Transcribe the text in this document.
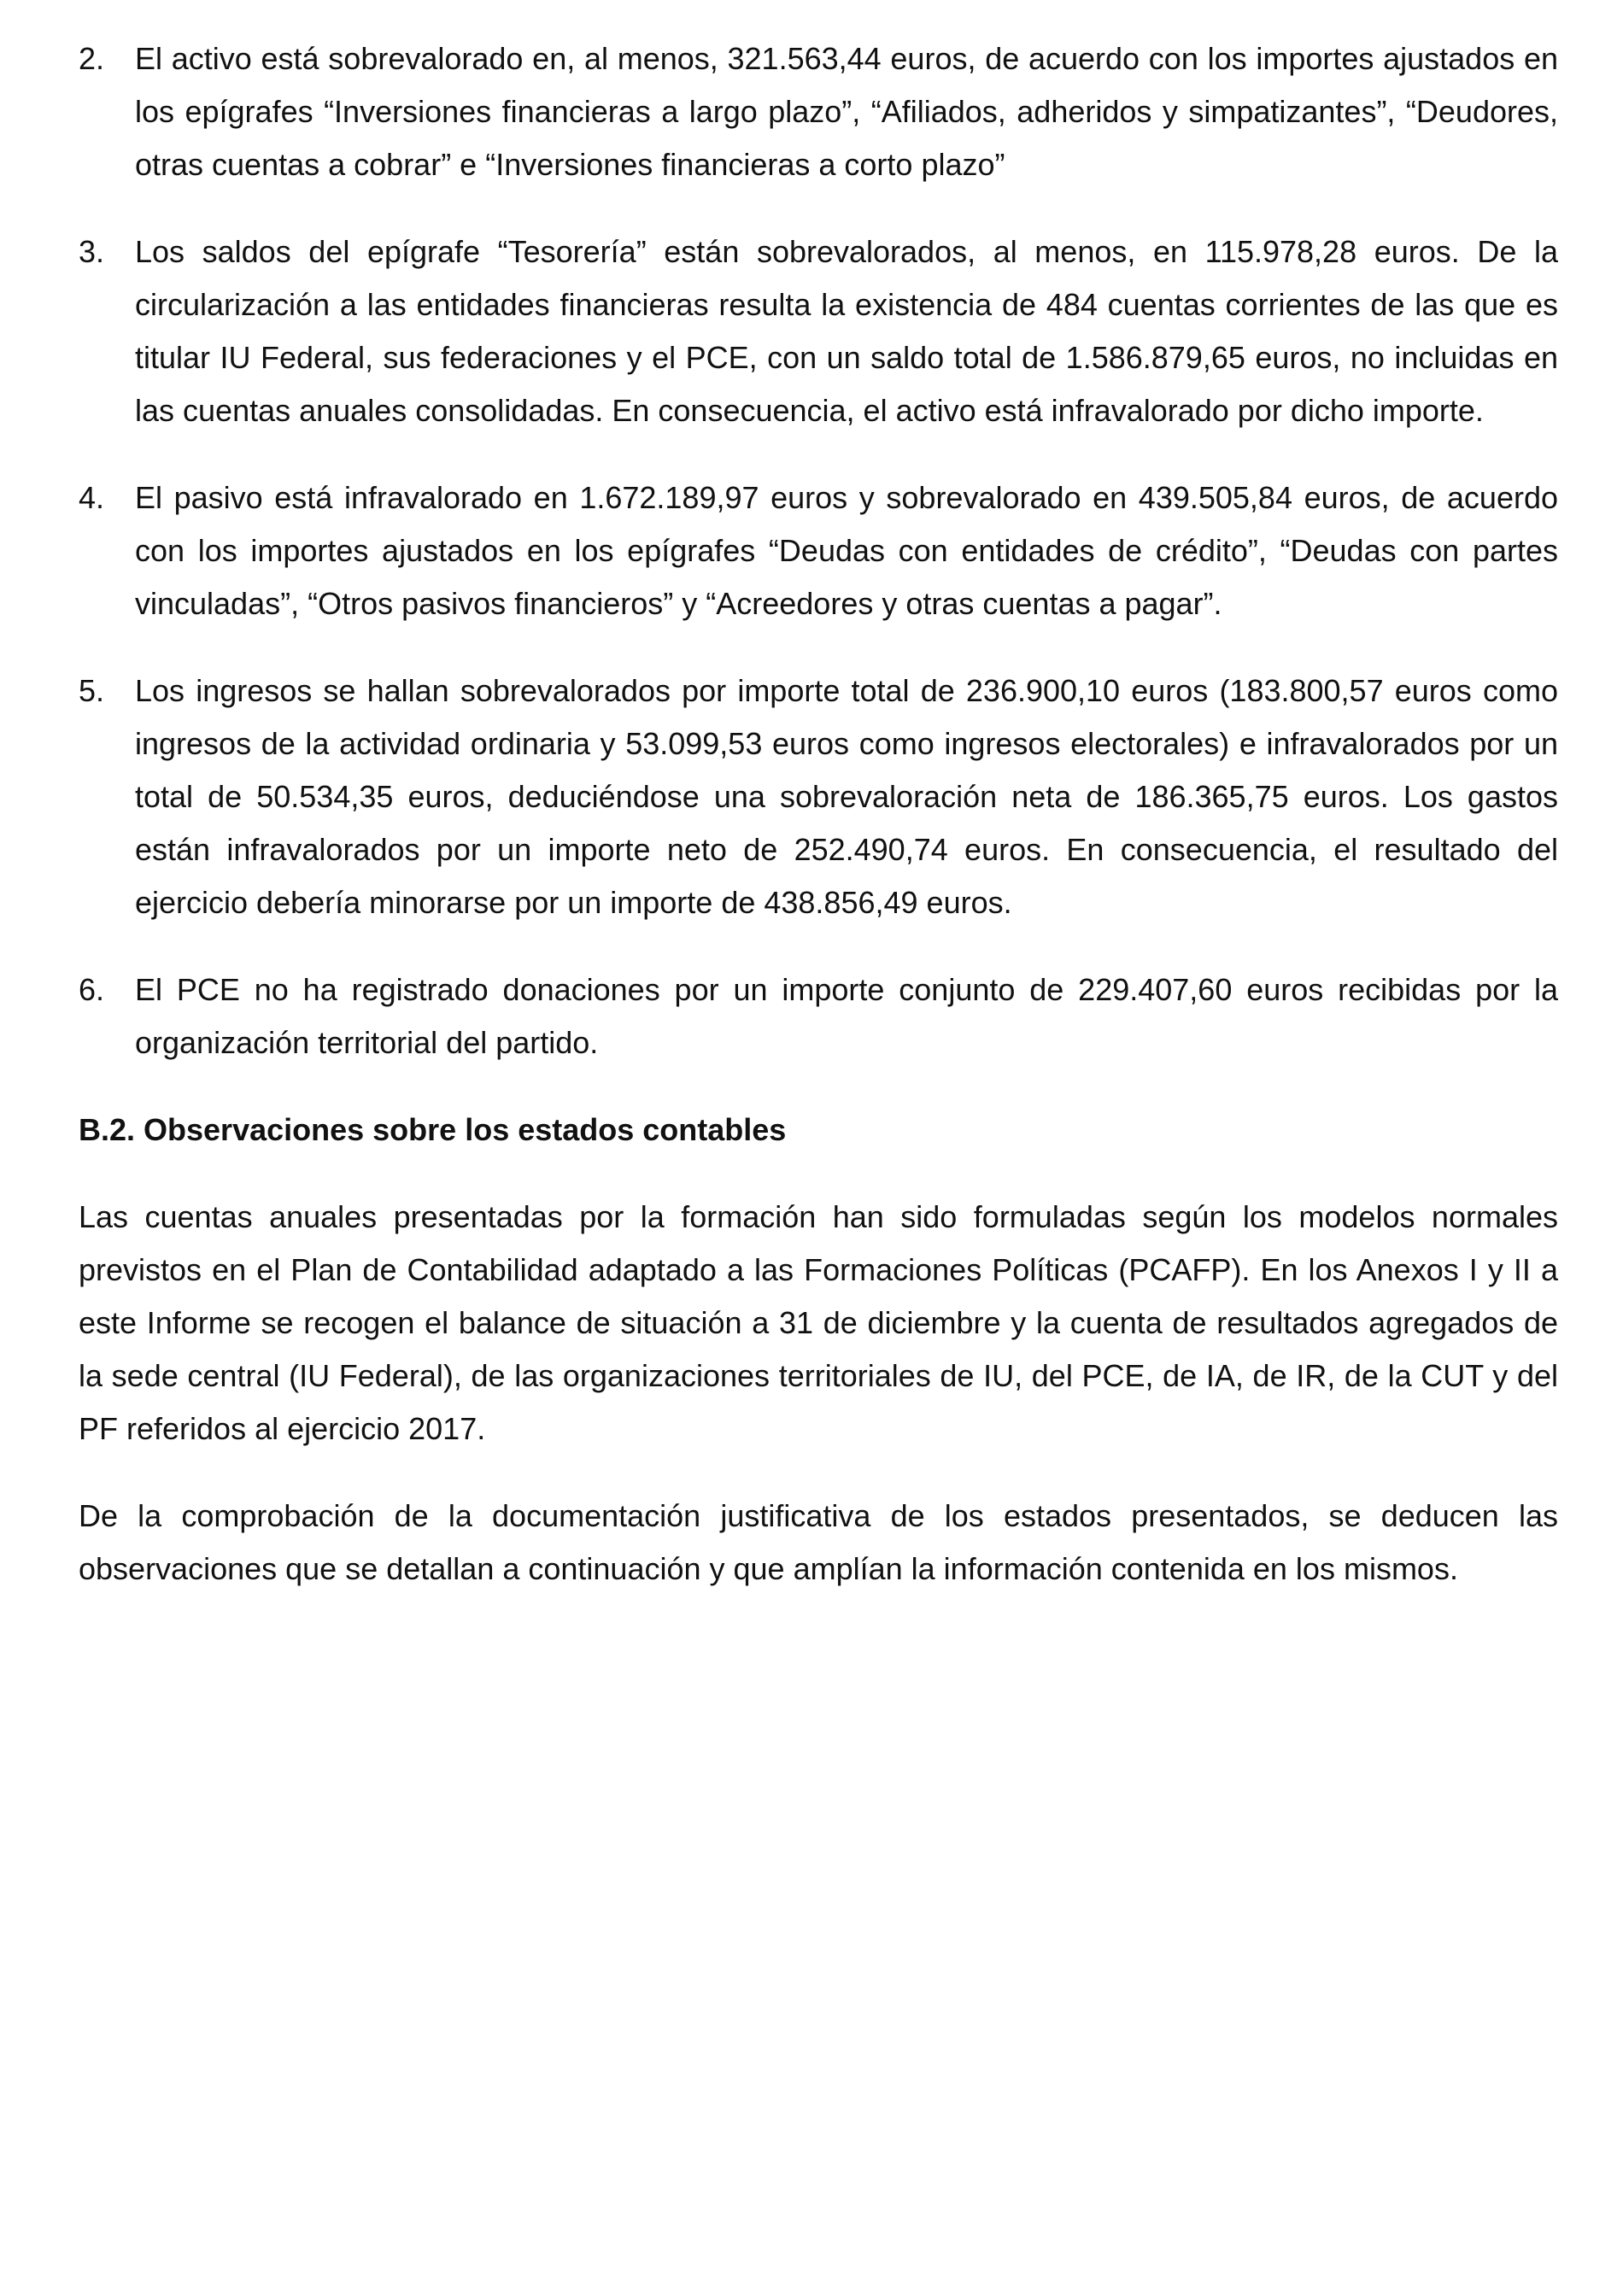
2. El activo está sobrevalorado en, al menos, 321.563,44 euros, de acuerdo con los importes ajustados en los epígrafes “Inversiones financieras a largo plazo”, “Afiliados, adheridos y simpatizantes”, “Deudores, otras cuentas a cobrar” e “Inversiones financieras a corto plazo”
3. Los saldos del epígrafe “Tesorería” están sobrevalorados, al menos, en 115.978,28 euros. De la circularización a las entidades financieras resulta la existencia de 484 cuentas corrientes de las que es titular IU Federal, sus federaciones y el PCE, con un saldo total de 1.586.879,65 euros, no incluidas en las cuentas anuales consolidadas. En consecuencia, el activo está infravalorado por dicho importe.
4. El pasivo está infravalorado en 1.672.189,97 euros y sobrevalorado en 439.505,84 euros, de acuerdo con los importes ajustados en los epígrafes “Deudas con entidades de crédito”, “Deudas con partes vinculadas”, “Otros pasivos financieros” y “Acreedores y otras cuentas a pagar”.
5. Los ingresos se hallan sobrevalorados por importe total de 236.900,10 euros (183.800,57 euros como ingresos de la actividad ordinaria y 53.099,53 euros como ingresos electorales) e infravalorados por un total de 50.534,35 euros, deduciéndose una sobrevaloración neta de 186.365,75 euros. Los gastos están infravalorados por un importe neto de 252.490,74 euros. En consecuencia, el resultado del ejercicio debería minorarse por un importe de 438.856,49 euros.
6. El PCE no ha registrado donaciones por un importe conjunto de 229.407,60 euros recibidas por la organización territorial del partido.
B.2. Observaciones sobre los estados contables

Las cuentas anuales presentadas por la formación han sido formuladas según los modelos normales previstos en el Plan de Contabilidad adaptado a las Formaciones Políticas (PCAFP). En los Anexos I y II a este Informe se recogen el balance de situación a 31 de diciembre y la cuenta de resultados agregados de la sede central (IU Federal), de las organizaciones territoriales de IU, del PCE, de IA, de IR, de la CUT y del PF referidos al ejercicio 2017.

De la comprobación de la documentación justificativa de los estados presentados, se deducen las observaciones que se detallan a continuación y que amplían la información contenida en los mismos.
